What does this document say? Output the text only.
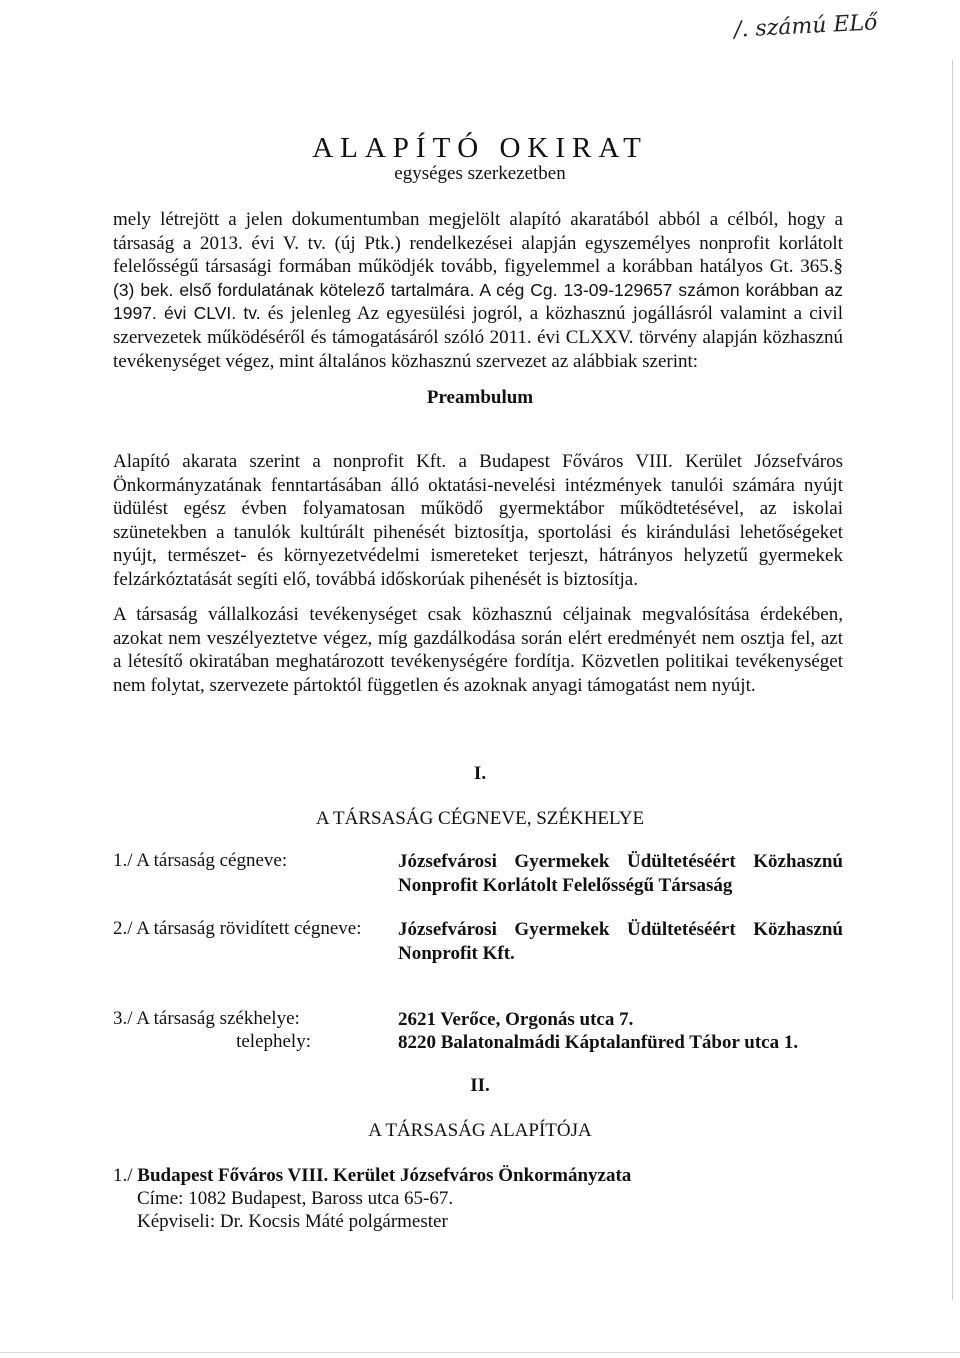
/. számú ELő
ALAPÍTÓ OKIRAT
egységes szerkezetben
mely létrejött a jelen dokumentumban megjelölt alapító akaratából abból a célból, hogy a társaság a 2013. évi V. tv. (új Ptk.) rendelkezései alapján egyszemélyes nonprofit korlátolt felelősségű társasági formában működjék tovább, figyelemmel a korábban hatályos Gt. 365.§ (3) bek. első fordulatának kötelező tartalmára. A cég Cg. 13-09-129657 számon korábban az 1997. évi CLVI. tv. és jelenleg Az egyesülési jogról, a közhasznú jogállásról valamint a civil szervezetek működéséről és támogatásáról szóló 2011. évi CLXXV. törvény alapján közhasznú tevékenységet végez, mint általános közhasznú szervezet az alábbiak szerint:
Preambulum
Alapító akarata szerint a nonprofit Kft. a Budapest Főváros VIII. Kerület Józsefváros Önkormányzatának fenntartásában álló oktatási-nevelési intézmények tanulói számára nyújt üdülést egész évben folyamatosan működő gyermektábor működtetésével, az iskolai szünetekben a tanulók kultúrált pihenését biztosítja, sportolási és kirándulási lehetőségeket nyújt, természet- és környezetvédelmi ismereteket terjeszt, hátrányos helyzetű gyermekek felzárkóztatását segíti elő, továbbá időskorúak pihenését is biztosítja.
A társaság vállalkozási tevékenységet csak közhasznú céljainak megvalósítása érdekében, azokat nem veszélyeztetve végez, míg gazdálkodása során elért eredményét nem osztja fel, azt a létesítő okiratában meghatározott tevékenységére fordítja. Közvetlen politikai tevékenységet nem folytat, szervezete pártoktól független és azoknak anyagi támogatást nem nyújt.
I.
A TÁRSASÁG CÉGNEVE, SZÉKHELYE
1./ A társaság cégneve:	Józsefvárosi Gyermekek Üdültetéséért Közhasznú Nonprofit Korlátolt Felelősségű Társaság
2./ A társaság rövidített cégneve: Józsefvárosi Gyermekek Üdültetéséért Közhasznú Nonprofit Kft.
3./ A társaság székhelye:	2621 Verőce, Orgonás utca 7.
telephely:	8220 Balatonalmádi Káptalanfüred Tábor utca 1.
II.
A TÁRSASÁG ALAPÍTÓJA
1./ Budapest Főváros VIII. Kerület Józsefváros Önkormányzata
Címe: 1082 Budapest, Baross utca 65-67.
Képviseli: Dr. Kocsis Máté polgármester
